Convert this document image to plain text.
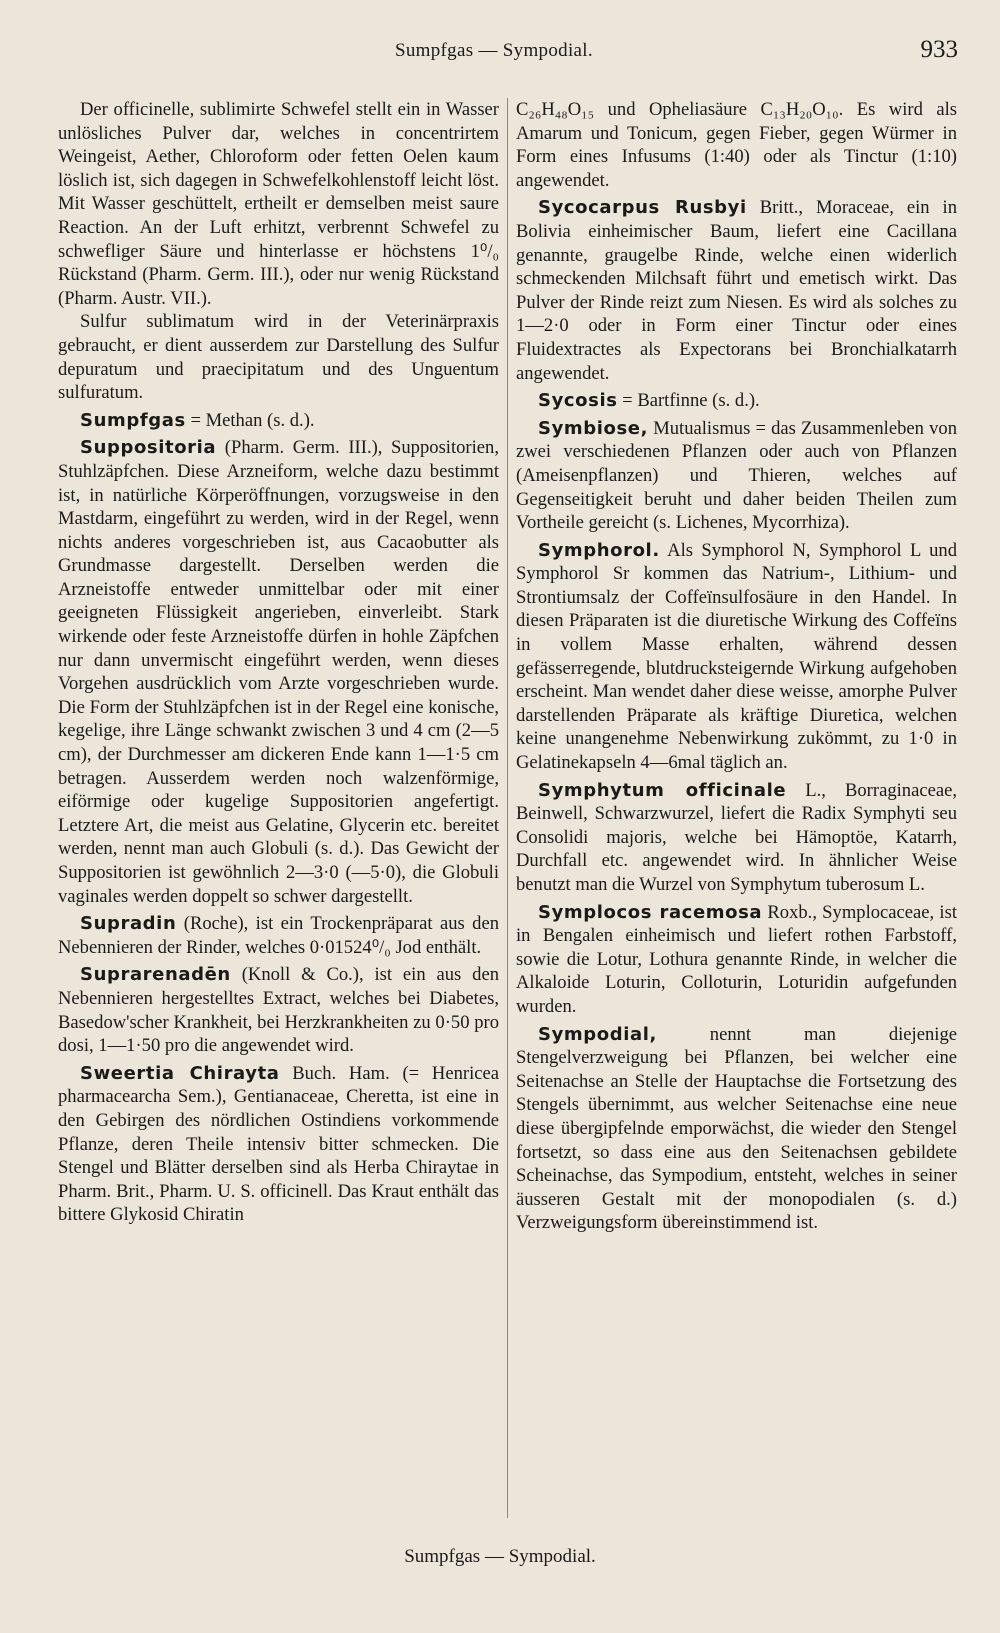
Sumpfgas — Sympodial.	933

Der officinelle, sublimirte Schwefel stellt ein in Wasser unlösliches Pulver dar, welches in concentrirtem Weingeist, Aether, Chloroform oder fetten Oelen kaum löslich ist, sich dagegen in Schwefelkohlenstoff leicht löst. Mit Wasser geschüttelt, ertheilt er demselben meist saure Reaction. An der Luft erhitzt, verbrennt Schwefel zu schwefliger Säure und hinterlasse er höchstens 1⁰/₀ Rückstand (Pharm. Germ. III.), oder nur wenig Rückstand (Pharm. Austr. VII.).

Sulfur sublimatum wird in der Veterinärpraxis gebraucht, er dient ausserdem zur Darstellung des Sulfur depuratum und praecipitatum und des Unguentum sulfuratum.

Sumpfgas = Methan (s. d.).

Suppositoria (Pharm. Germ. III.), Suppositorien, Stuhlzäpfchen. Diese Arzneiform, welche dazu bestimmt ist, in natürliche Körperöffnungen, vorzugsweise in den Mastdarm, eingeführt zu werden, wird in der Regel, wenn nichts anderes vorgeschrieben ist, aus Cacaobutter als Grundmasse dargestellt. Derselben werden die Arzneistoffe entweder unmittelbar oder mit einer geeigneten Flüssigkeit angerieben, einverleibt. Stark wirkende oder feste Arzneistoffe dürfen in hohle Zäpfchen nur dann unvermischt eingeführt werden, wenn dieses Vorgehen ausdrücklich vom Arzte vorgeschrieben wurde. Die Form der Stuhlzäpfchen ist in der Regel eine konische, kegelige, ihre Länge schwankt zwischen 3 und 4 cm (2—5 cm), der Durchmesser am dickeren Ende kann 1—1·5 cm betragen. Ausserdem werden noch walzenförmige, eiförmige oder kugelige Suppositorien angefertigt. Letztere Art, die meist aus Gelatine, Glycerin etc. bereitet werden, nennt man auch Globuli (s. d.). Das Gewicht der Suppositorien ist gewöhnlich 2—3·0 (—5·0), die Globuli vaginales werden doppelt so schwer dargestellt.

Supradin (Roche), ist ein Trockenpräparat aus den Nebennieren der Rinder, welches 0·01524⁰/₀ Jod enthält.

Suprarenadēn (Knoll & Co.), ist ein aus den Nebennieren hergestelltes Extract, welches bei Diabetes, Basedow'scher Krankheit, bei Herzkrankheiten zu 0·50 pro dosi, 1—1·50 pro die angewendet wird.

Sweertia Chirayta Buch. Ham. (= Henricea pharmacearcha Sem.), Gentianaceae, Cheretta, ist eine in den Gebirgen des nördlichen Ostindiens vorkommende Pflanze, deren Theile intensiv bitter schmecken. Die Stengel und Blätter derselben sind als Herba Chiraytae in Pharm. Brit., Pharm. U. S. officinell. Das Kraut enthält das bittere Glykosid Chiratin

C₂₆H₄₈O₁₅ und Opheliasäure C₁₃H₂₀O₁₀. Es wird als Amarum und Tonicum, gegen Fieber, gegen Würmer in Form eines Infusums (1:40) oder als Tinctur (1:10) angewendet.

Sycocarpus Rusbyi Britt., Moraceae, ein in Bolivia einheimischer Baum, liefert eine Cacillana genannte, graugelbe Rinde, welche einen widerlich schmeckenden Milchsaft führt und emetisch wirkt. Das Pulver der Rinde reizt zum Niesen. Es wird als solches zu 1—2·0 oder in Form einer Tinctur oder eines Fluidextractes als Expectorans bei Bronchialkatarrh angewendet.

Sycosis = Bartfinne (s. d.).

Symbiose, Mutualismus = das Zusammenleben von zwei verschiedenen Pflanzen oder auch von Pflanzen (Ameisenpflanzen) und Thieren, welches auf Gegenseitigkeit beruht und daher beiden Theilen zum Vortheile gereicht (s. Lichenes, Mycorrhiza).

Symphorol. Als Symphorol N, Symphorol L und Symphorol Sr kommen das Natrium-, Lithium- und Strontiumsalz der Coffeïnsulfosäure in den Handel. In diesen Präparaten ist die diuretische Wirkung des Coffeïns in vollem Masse erhalten, während dessen gefässerregende, blutdrucksteigernde Wirkung aufgehoben erscheint. Man wendet daher diese weisse, amorphe Pulver darstellenden Präparate als kräftige Diuretica, welchen keine unangenehme Nebenwirkung zukömmt, zu 1·0 in Gelatinekapseln 4—6mal täglich an.

Symphytum officinale L., Borraginaceae, Beinwell, Schwarzwurzel, liefert die Radix Symphyti seu Consolidi majoris, welche bei Hämoptöe, Katarrh, Durchfall etc. angewendet wird. In ähnlicher Weise benutzt man die Wurzel von Symphytum tuberosum L.

Symplocos racemosa Roxb., Symplocaceae, ist in Bengalen einheimisch und liefert rothen Farbstoff, sowie die Lotur, Lothura genannte Rinde, in welcher die Alkaloide Loturin, Colloturin, Loturidin aufgefunden wurden.

Sympodial, nennt man diejenige Stengelverzweigung bei Pflanzen, bei welcher eine Seitenachse an Stelle der Hauptachse die Fortsetzung des Stengels übernimmt, aus welcher Seitenachse eine neue diese übergipfelnde emporwächst, die wieder den Stengel fortsetzt, so dass eine aus den Seitenachsen gebildete Scheinachse, das Sympodium, entsteht, welches in seiner äusseren Gestalt mit der monopodialen (s. d.) Verzweigungsform übereinstimmend ist.

Sumpfgas — Sympodial.
